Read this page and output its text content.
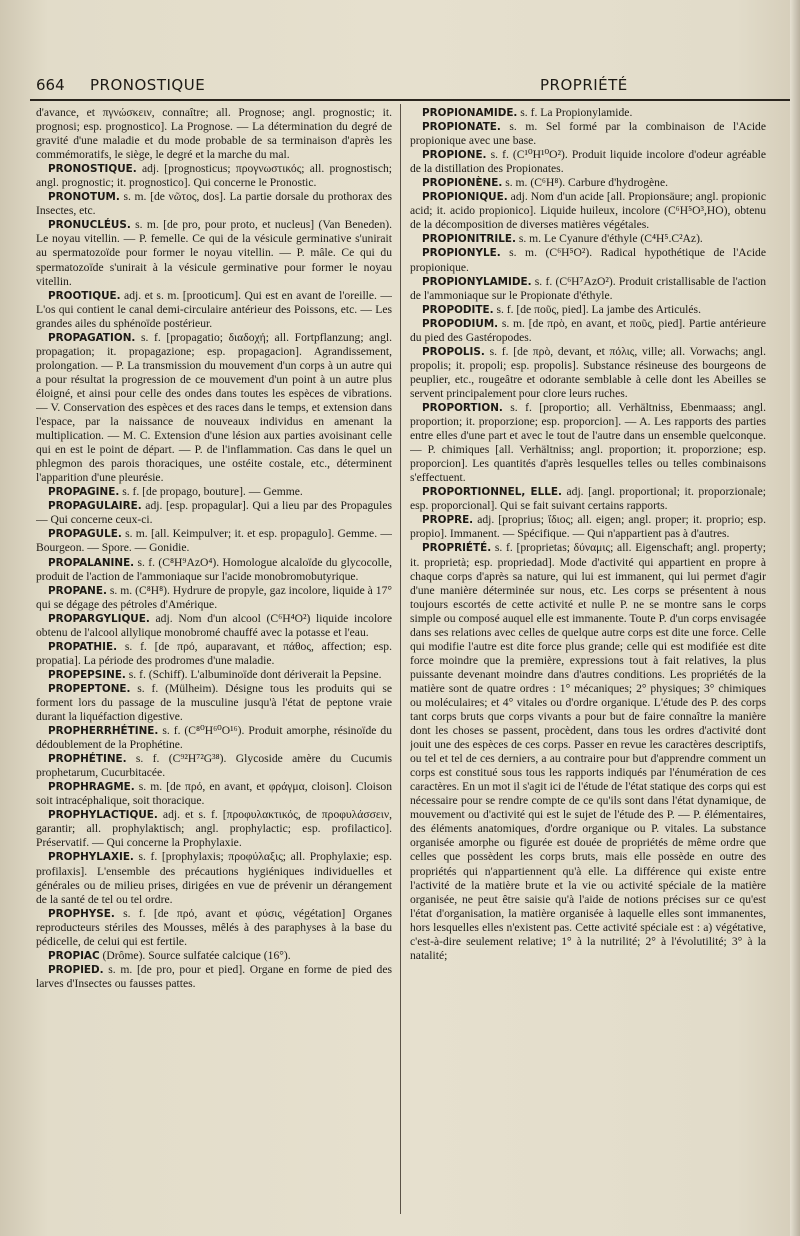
664 PRONOSTIQUE	PROPRIÉTÉ

d'avance, et πγνώσκειν, connaître; all. Prognose; angl. prognostic; it. prognosi; esp. prognostico]. La Prognose. — La détermination du degré de gravité d'une maladie et du mode probable de sa terminaison d'après les commémoratifs, le siège, le degré et la marche du mal.

PRONOSTIQUE. adj. [prognosticus; προγνωστικός; all. prognostisch; angl. prognostic; it. prognostico]. Qui concerne le Pronostic.

PRONOTUM. s. m. [de νῶτος, dos]. La partie dorsale du prothorax des Insectes, etc.

PRONUCLÉUS. s. m. [de pro, pour proto, et nucleus] (Van Beneden). Le noyau vitellin. — P. femelle. Ce qui de la vésicule germinative s'unirait au spermatozoïde pour former le noyau vitellin. — P. mâle. Ce qui du spermatozoïde s'unirait à la vésicule germinative pour former le noyau vitellin.

PROOTIQUE. adj. et s. m. [prooticum]. Qui est en avant de l'oreille. — L'os qui contient le canal demi-circulaire antérieur des Poissons, etc. — Les grandes ailes du sphénoïde postérieur.

PROPAGATION. s. f. [propagatio; διαδοχή; all. Fortpflanzung; angl. propagation; it. propagazione; esp. propagacion]. Agrandissement, prolongation. — P. La transmission du mouvement d'un corps à un autre qui a pour résultat la progression de ce mouvement d'un point à un autre plus éloigné, et ainsi pour celle des ondes dans toutes les espèces de vibrations. — V. Conservation des espèces et des races dans le temps, et extension dans l'espace, par la naissance de nouveaux individus en amenant la multiplication. — M. C. Extension d'une lésion aux parties avoisinant celle qui en est le point de départ. — P. de l'inflammation. Cas dans le quel un phlegmon des parois thoraciques, une ostéite costale, etc., déterminent l'apparition d'une pleurésie.

PROPAGINE. s. f. [de propago, bouture]. — Gemme.

PROPAGULAIRE. adj. [esp. propagular]. Qui a lieu par des Propagules — Qui concerne ceux-ci.

PROPAGULE. s. m. [all. Keimpulver; it. et esp. propagulo]. Gemme. — Bourgeon. — Spore. — Gonidie.

PROPALANINE. s. f. (C⁸H⁹AzO⁴). Homologue alcaloïde du glycocolle, produit de l'action de l'ammoniaque sur l'acide monobromobutyrique.

PROPANE. s. m. (C⁸H⁸). Hydrure de propyle, gaz incolore, liquide à 17° qui se dégage des pétroles d'Amérique.

PROPARGYLIQUE. adj. Nom d'un alcool (C⁶H⁴O²) liquide incolore obtenu de l'alcool allylique monobromé chauffé avec la potasse et l'eau.

PROPATHIE. s. f. [de πρό, auparavant, et πάθος, affection; esp. propatia]. La période des prodromes d'une maladie.

PROPEPSINE. s. f. (Schiff). L'albuminoïde dont dériverait la Pepsine.

PROPEPTONE. s. f. (Mülheim). Désigne tous les produits qui se forment lors du passage de la musculine jusqu'à l'état de peptone vraie durant la liquéfaction digestive.

PROPHERRHÉTINE. s. f. (C⁸⁰H⁶⁰O¹⁶). Produit amorphe, résinoïde du dédoublement de la Prophétine.

PROPHÉTINE. s. f. (C⁹²H⁷²G³⁸). Glycoside amère du Cucumis prophetarum, Cucurbitacée.

PROPHRAGME. s. m. [de πρό, en avant, et φράγμα, cloison]. Cloison soit intracéphalique, soit thoracique.

PROPHYLACTIQUE. adj. et s. f. [προφυλακτικός, de προφυλάσσειν, garantir; all. prophylaktisch; angl. prophylactic; esp. profilactico]. Préservatif. — Qui concerne la Prophylaxie.

PROPHYLAXIE. s. f. [prophylaxis; προφύλαξις; all. Prophylaxie; esp. profilaxis]. L'ensemble des précautions hygiéniques individuelles et générales ou de milieu prises, dirigées en vue de prévenir un dérangement de la santé de tel ou tel ordre.

PROPHYSE. s. f. [de πρό, avant et φύσις, végétation] Organes reproducteurs stériles des Mousses, mêlés à des paraphyses à la base du pédicelle, de celui qui est fertile.

PROPIAC (Drôme). Source sulfatée calcique (16°).

PROPIED. s. m. [de pro, pour et pied]. Organe en forme de pied des larves d'Insectes ou fausses pattes.

PROPIONAMIDE. s. f. La Propionylamide.

PROPIONATE. s. m. Sel formé par la combinaison de l'Acide propionique avec une base.

PROPIONE. s. f. (C¹⁰H¹⁰O²). Produit liquide incolore d'odeur agréable de la distillation des Propionates.

PROPIONÈNE. s. m. (C⁶H⁸). Carbure d'hydrogène.

PROPIONIQUE. adj. Nom d'un acide [all. Propionsäure; angl. propionic acid; it. acido propionico]. Liquide huileux, incolore (C⁶H⁵O³,HO), obtenu de la décomposition de diverses matières végétales.

PROPIONITRILE. s. m. Le Cyanure d'éthyle (C⁴H⁵.C²Az).

PROPIONYLE. s. m. (C⁶H⁵O²). Radical hypothétique de l'Acide propionique.

PROPIONYLAMIDE. s. f. (C⁶H⁷AzO²). Produit cristallisable de l'action de l'ammoniaque sur le Propionate d'éthyle.

PROPODITE. s. f. [de ποῦς, pied]. La jambe des Articulés.

PROPODIUM. s. m. [de πρὸ, en avant, et ποῦς, pied]. Partie antérieure du pied des Gastéropodes.

PROPOLIS. s. f. [de πρὸ, devant, et πόλις, ville; all. Vorwachs; angl. propolis; it. propoli; esp. propolis]. Substance résineuse des bourgeons de peuplier, etc., rougeâtre et odorante semblable à celle dont les Abeilles se servent principalement pour clore leurs ruches.

PROPORTION. s. f. [proportio; all. Verhältniss, Ebenmaass; angl. proportion; it. proporzione; esp. proporcion]. — A. Les rapports des parties entre elles d'une part et avec le tout de l'autre dans un ensemble quelconque. — P. chimiques [all. Verhältniss; angl. proportion; it. proporzione; esp. proporcion]. Les quantités d'après lesquelles telles ou telles combinaisons s'effectuent.

PROPORTIONNEL, ELLE. adj. [angl. proportional; it. proporzionale; esp. proporcional]. Qui se fait suivant certains rapports.

PROPRE. adj. [proprius; ἴδιος; all. eigen; angl. proper; it. proprio; esp. propio]. Immanent. — Spécifique. — Qui n'appartient pas à d'autres.

PROPRIÉTÉ. s. f. [proprietas; δύναμις; all. Eigenschaft; angl. property; it. proprietà; esp. propriedad]. Mode d'activité qui appartient en propre à chaque corps d'après sa nature, qui lui est immanent, qui lui permet d'agir d'une manière déterminée sur nous, etc. Les corps se présentent à nous toujours escortés de cette activité et nulle P. ne se montre sans le corps simple ou composé auquel elle est immanente. Toute P. d'un corps envisagée dans ses relations avec celles de quelque autre corps est dite une force. Celle qui modifie l'autre est dite force plus grande; celle qui est modifiée est dite force moindre que la première, expressions tout à fait relatives, la plus puissante devenant moindre dans d'autres conditions. Les propriétés de la matière sont de quatre ordres : 1° mécaniques; 2° physiques; 3° chimiques ou moléculaires; et 4° vitales ou d'ordre organique. L'étude des P. des corps tant corps bruts que corps vivants a pour but de faire connaître la manière dont les choses se passent, procèdent, dans tous les ordres d'activité dont jouit une des espèces de ces corps. Passer en revue les caractères descriptifs, ou tel et tel de ces derniers, a au contraire pour but d'apprendre comment un corps est constitué sous tous les rapports indiqués par l'énumération de ces caractères. En un mot il s'agit ici de l'étude de l'état statique des corps qui est nécessaire pour se rendre compte de ce qu'ils sont dans l'état dynamique, de mouvement ou d'activité qui est le sujet de l'étude des P. — P. élémentaires, des éléments anatomiques, d'ordre organique ou P. vitales. La substance organisée amorphe ou figurée est douée de propriétés de même ordre que celles que possèdent les corps bruts, mais elle possède en outre des propriétés qui n'appartiennent qu'à elle. La différence qui existe entre l'activité de la matière brute et la vie ou activité spéciale de la matière organisée, ne peut être saisie qu'à l'aide de notions précises sur ce qu'est l'état d'organisation, la matière organisée à laquelle elles sont immanentes, hors lesquelles elles n'existent pas. Cette activité spéciale est : a) végétative, c'est-à-dire seulement relative; 1° à la nutrilité; 2° à l'évolutilité; 3° à la natalité;
